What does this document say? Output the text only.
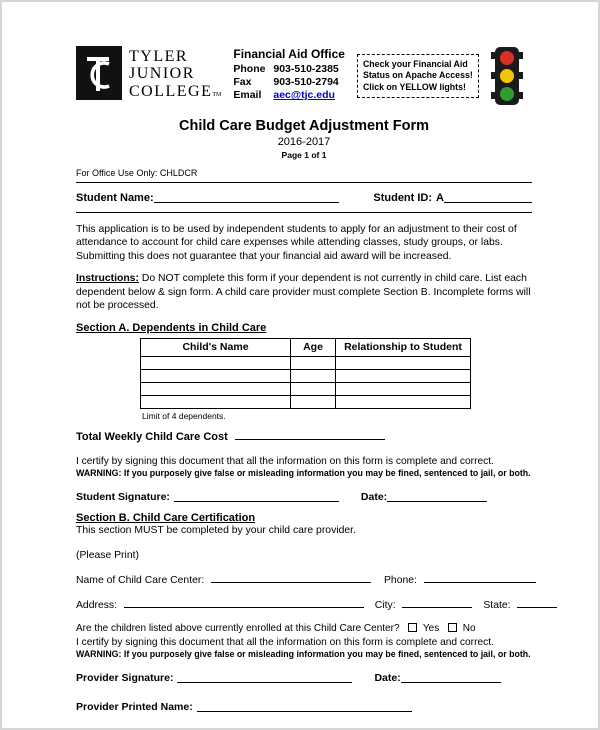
TYLER
JUNIOR
COLLEGETM
Financial Aid Office
Phone 903-510-2385
Fax	903-510-2794
Email	aec@tjc.edu
Check your Financial Aid
Status on Apache Access!
Click on YELLOW lights!
Child Care Budget Adjustment Form
2016-2017
Page 1 of 1
For Office Use Only: CHLDCR
Student Name:	Student ID: A
This application is to be used by independent students to apply for an adjustment to their cost of attendance to account for child care expenses while attending classes, study groups, or labs. Submitting this does not guarantee that your financial aid award will be increased.
Instructions: Do NOT complete this form if your dependent is not currently in child care. List each dependent below & sign form. A child care provider must complete Section B. Incomplete forms will not be processed.
Section A. Dependents in Child Care
Child's Name	Age	Relationship to Student

Limit of 4 dependents.
Total Weekly Child Care Cost
I certify by signing this document that all the information on this form is complete and correct.
WARNING: If you purposely give false or misleading information you may be fined, sentenced to jail, or both.
Student Signature:	Date:
Section B. Child Care Certification
This section MUST be completed by your child care provider.
(Please Print)
Name of Child Care Center:	Phone:
Address:	City:	State:
Are the children listed above currently enrolled at this Child Care Center? Yes No
I certify by signing this document that all the information on this form is complete and correct.
WARNING: If you purposely give false or misleading information you may be fined, sentenced to jail, or both.
Provider Signature:	Date:
Provider Printed Name:
